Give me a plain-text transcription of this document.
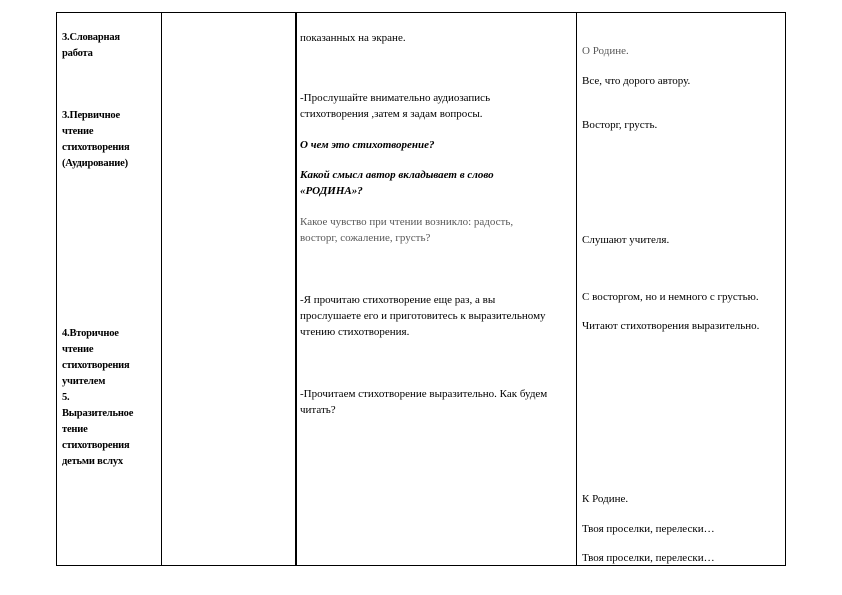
3.Словарная
работа
3.Первичное
чтение
стихотворения
(Аудирование)
4.Вторичное
чтение
стихотворения
учителем
5.
Выразительное
тение
стихотворения
детьми вслух
показанных на экране.
-Прослушайте внимательно аудиозапись
стихотворения ,затем я задам вопросы.
О чем это стихотворение?
Какой смысл автор вкладывает в слово
«РОДИНА»?
Какое чувство при чтении возникло: радость,
восторг, сожаление, грусть?
-Я прочитаю стихотворение еще раз, а вы
прослушаете его и приготовитесь к выразительному
чтению стихотворения.
-Прочитаем стихотворение выразительно. Как будем
читать?
О Родине.
Все, что дорого автору.
Восторг, грусть.
Слушают учителя.
С восторгом, но и немного с грустью.
Читают стихотворения выразительно.
К Родине.
Твоя проселки, перелески…
Твоя проселки, перелески…
